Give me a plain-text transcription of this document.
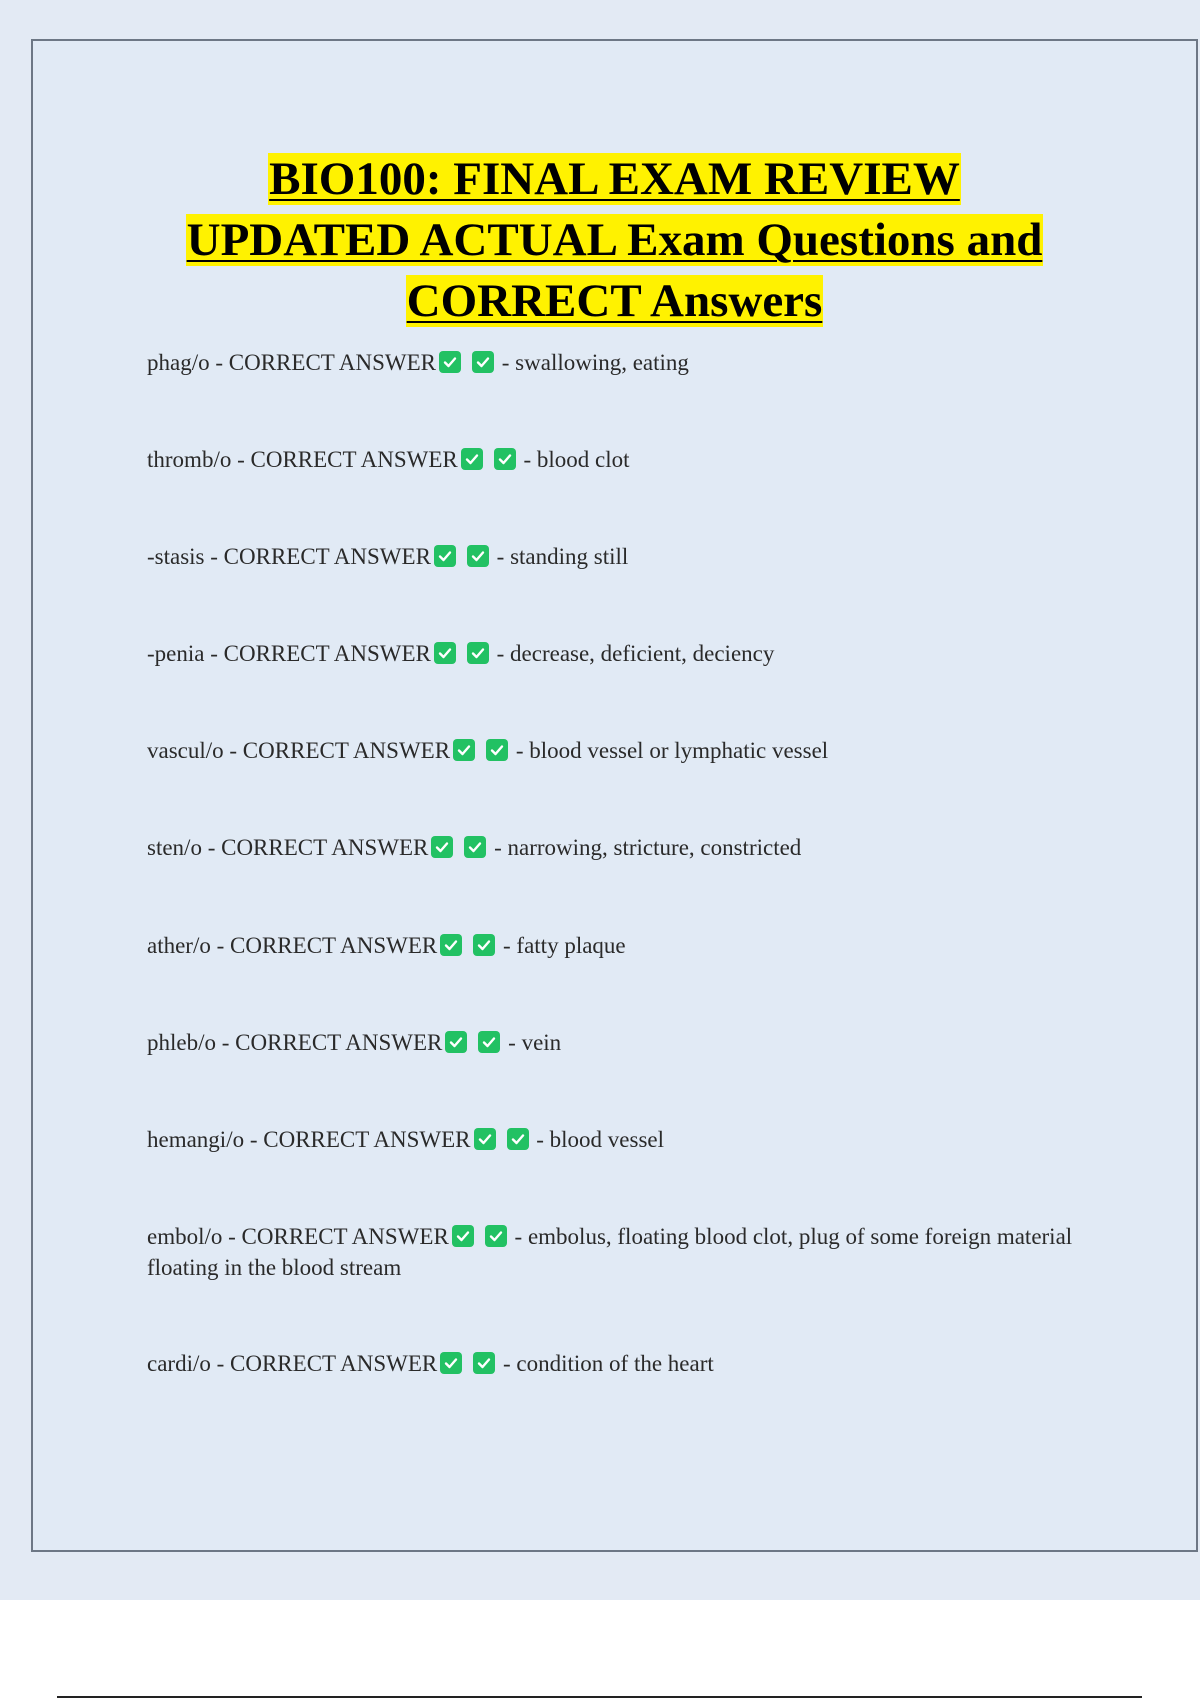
BIO100: FINAL EXAM REVIEW
UPDATED ACTUAL Exam Questions and
CORRECT Answers
phag/o - CORRECT ANSWER	- swallowing, eating
thromb/o - CORRECT ANSWER	- blood clot
-stasis - CORRECT ANSWER	- standing still
-penia - CORRECT ANSWER	- decrease, deficient, deciency
vascul/o - CORRECT ANSWER	- blood vessel or lymphatic vessel
sten/o - CORRECT ANSWER	- narrowing, stricture, constricted
ather/o - CORRECT ANSWER	- fatty plaque
phleb/o - CORRECT ANSWER	- vein
hemangi/o - CORRECT ANSWER	- blood vessel
embol/o - CORRECT ANSWER	- embolus, floating blood clot, plug of some foreign material floating in the blood stream
cardi/o - CORRECT ANSWER	- condition of the heart
